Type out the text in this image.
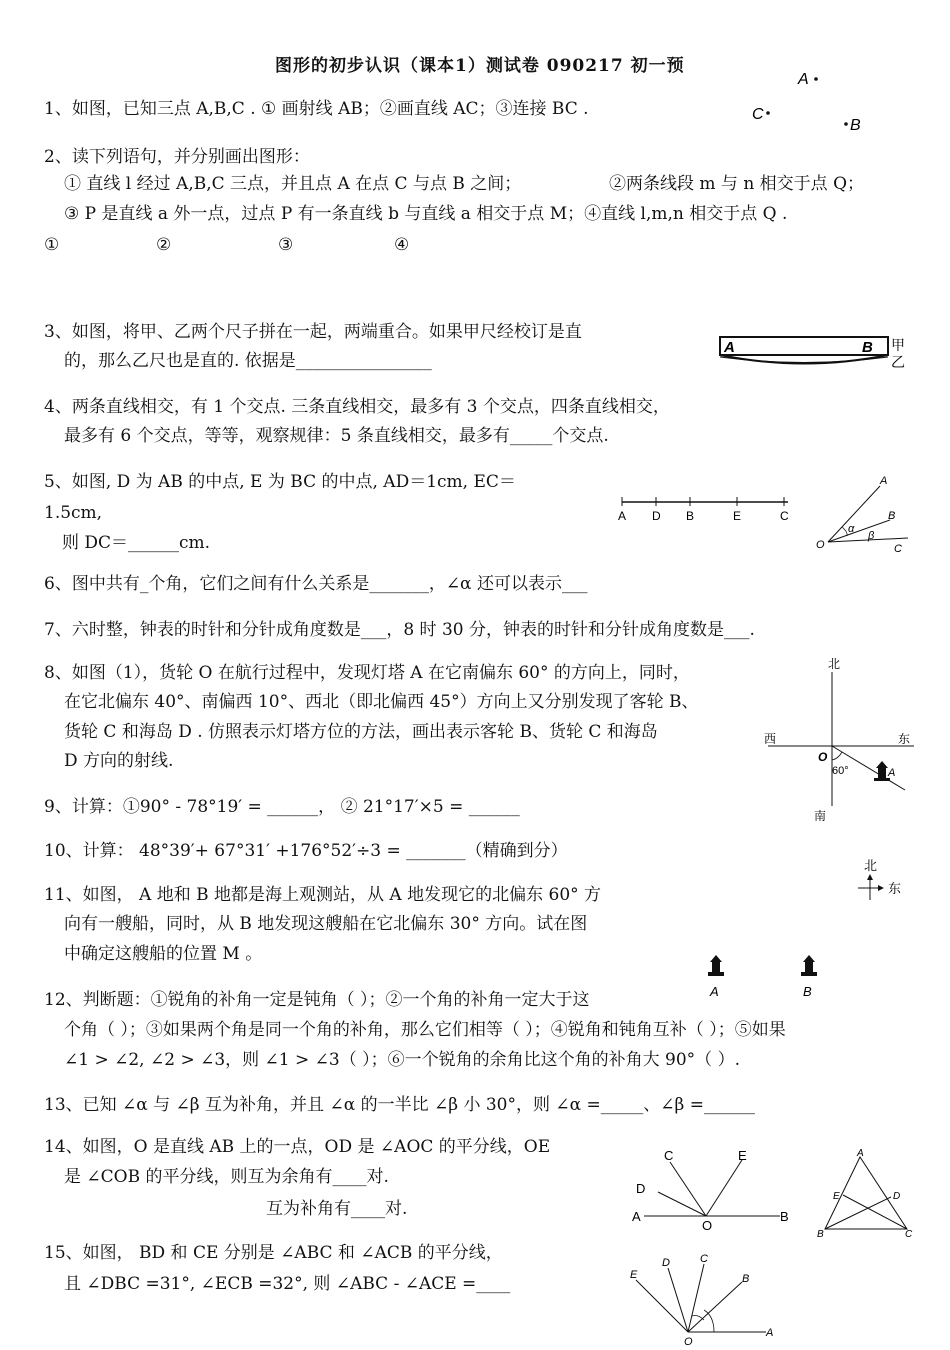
图形的初步认识（课本1）测试卷 090217 初一预
1、如图，已知三点 A,B,C . ① 画射线 AB；②画直线 AC；③连接 BC .
A
C
B
2、读下列语句，并分别画出图形：
① 直线 l 经过 A,B,C 三点，并且点 A 在点 C 与点 B 之间；	②两条线段 m 与 n 相交于点 Q；
③ P 是直线 a 外一点，过点 P 有一条直线 b 与直线 a 相交于点 M；④直线 l,m,n 相交于点 Q .
①	②	③	④
3、如图，将甲、乙两个尺子拼在一起，两端重合。如果甲尺经校订是直
的，那么乙尺也是直的. 依据是________________
A	B 甲
乙
4、两条直线相交，有 1 个交点. 三条直线相交，最多有 3 个交点，四条直线相交，
最多有 6 个交点，等等，观察规律：5 条直线相交，最多有_____个交点.
5、如图, D 为 AB 的中点, E 为 BC 的中点, AD＝1cm, EC＝
1.5cm,
则 DC＝______cm.
A D B	E	C
A
B
C
O
α
β
6、图中共有_个角，它们之间有什么关系是_______，∠α 还可以表示___
7、六时整，钟表的时针和分针成角度数是___，8 时 30 分，钟表的时针和分针成角度数是___.
8、如图（1），货轮 O 在航行过程中，发现灯塔 A 在它南偏东 60° 的方向上，同时，
在它北偏东 40°、南偏西 10°、西北（即北偏西 45°）方向上又分别发现了客轮 B、
货轮 C 和海岛 D . 仿照表示灯塔方位的方法，画出表示客轮 B、货轮 C 和海岛
D 方向的射线.
北
南
西	东
O
60°	A
9、计算：①90° - 78°19′ = ______， ② 21°17′×5 = ______
10、计算： 48°39′+ 67°31′ +176°52′÷3 = _______（精确到分）
11、如图， A 地和 B 地都是海上观测站，从 A 地发现它的北偏东 60° 方
向有一艘船，同时，从 B 地发现这艘船在它北偏东 30° 方向。试在图
中确定这艘船的位置 M 。
北
东
A	B
12、判断题：①锐角的补角一定是钝角（ ）；②一个角的补角一定大于这
个角（ ）；③如果两个角是同一个角的补角，那么它们相等（ ）；④锐角和钝角互补（ ）；⑤如果
∠1 > ∠2, ∠2 > ∠3，则 ∠1 > ∠3（ ）；⑥一个锐角的余角比这个角的补角大 90°（ ）.
13、已知 ∠α 与 ∠β 互为补角，并且 ∠α 的一半比 ∠β 小 30°，则 ∠α =_____、∠β =______
14、如图，O 是直线 AB 上的一点，OD 是 ∠AOC 的平分线，OE
是 ∠COB 的平分线，则互为余角有____对.
互为补角有____对.	A	B
C
D
E
O
A
B	C
D
E
15、如图， BD 和 CE 分别是 ∠ABC 和 ∠ACB 的平分线，
且 ∠DBC =31°, ∠ECB =32°, 则 ∠ABC - ∠ACE =____
O
A
B
C
D
E
